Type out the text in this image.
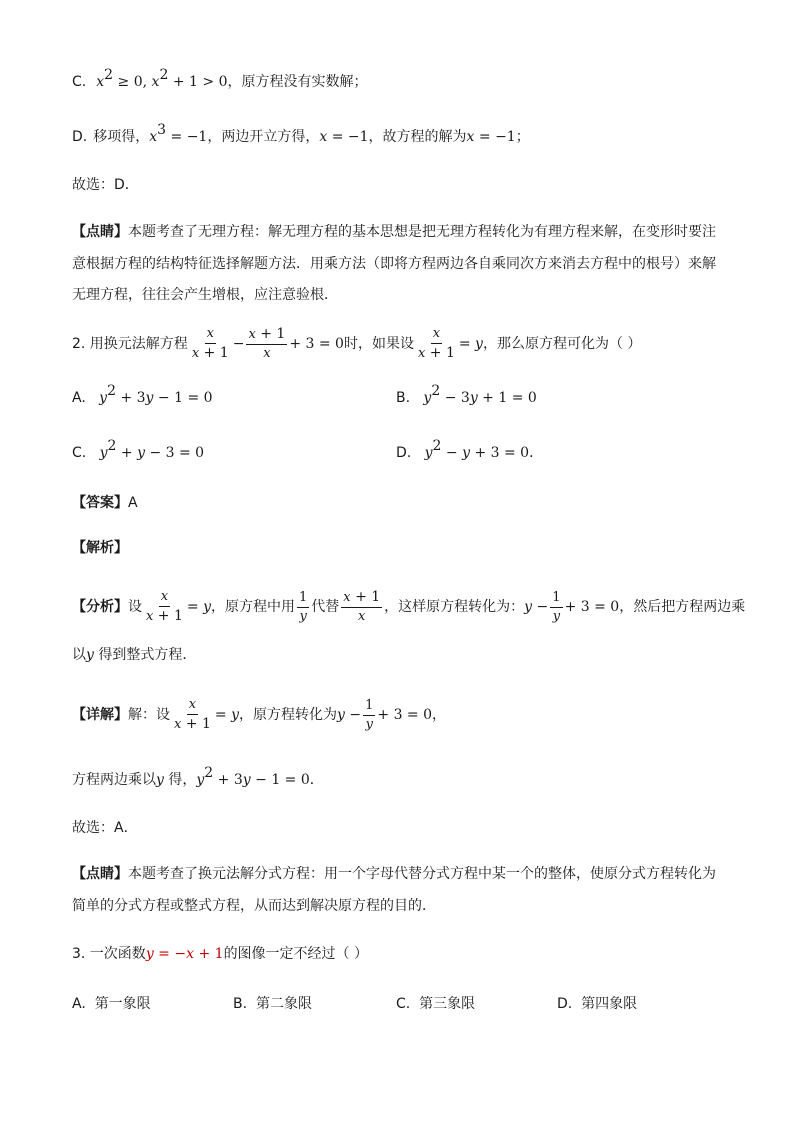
C. $x^2 \ge 0$, $x^2 + 1 > 0$ ，原方程没有实数解；
D. 移项得， $x^3 = -1$ ，两边开立方得， x = −1 ，故方程的解为 x = −1 ；
故选：D．
【点睛】 本题考查了无理方程：解无理方程的基本思想是把无理方程转化为有理方程来解，在变形时要注
意根据方程的结构特征选择解题方法．用乘方法（即将方程两边各自乘同次方来消去方程中的根号）来解
无理方程，往往会产生增根，应注意验根．
2. 用换元法解方程 $\frac{x}{x + 1} - \frac{x + 1}{x} + 3 = 0$ 时，如果设 $\frac{x}{x + 1} = y$ ，那么原方程可化为（ ）
A. $y^2 + 3y - 1 = 0$	B. $y^2 - 3y + 1 = 0$
C. $y^2 + y - 3 = 0$	D. $y^2 - y + 3 = 0$．
【答案】 A
【解析】
【分析】 设 $\frac{x}{x + 1} = y$ ，原方程中用 $\frac{1}{y}$ 代替 $\frac{x + 1}{x}$ ，这样原方程转化为： $y - \frac{1}{y} + 3 = 0$ ，然后把方程两边乘
以 y
得到整式方程．
【详解】 解：设 $\frac{x}{x + 1} = y$ ，原方程转化为 $y - \frac{1}{y} + 3 = 0$ ，
方程两边乘以 y
得， $y^2 + 3y - 1 = 0$ ．
故选：A．
【点睛】 本题考查了换元法解分式方程：用一个字母代替分式方程中某一个的整体，使原分式方程转化为
简单的分式方程或整式方程，从而达到解决原方程的目的．
3. 一次函数 y = −x + 1 的图像一定不经过（ ）
A. 第一象限	B. 第二象限	C. 第三象限	D. 第四象限
